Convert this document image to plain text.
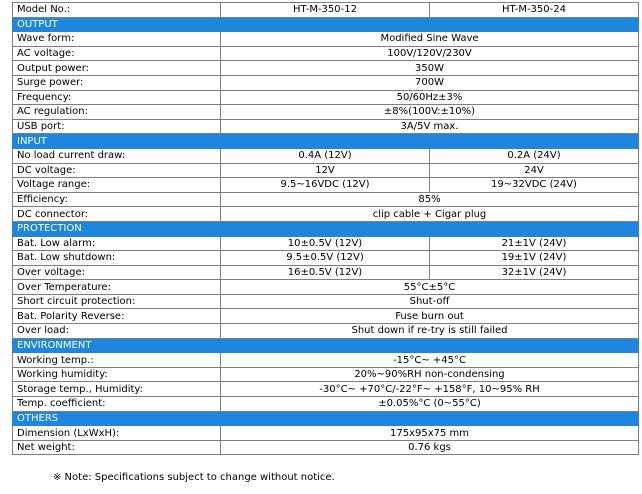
Model No.:	HT-M-350-12	HT-M-350-24
OUTPUT		
Wave form:	Modified Sine Wave	
AC voltage:	100V/120V/230V	
Output power:	350W	
Surge power:	700W	
Frequency:	50/60Hz±3%	
AC regulation:	±8%(100V:±10%)	
USB port:	3A/5V max.	
INPUT		
No load current draw:	0.4A (12V)	0.2A (24V)
DC voltage:	12V	24V
Voltage range:	9.5~16VDC (12V)	19~32VDC (24V)
Efficiency:	85%	
DC connector:	clip cable + Cigar plug	
PROTECTION		
Bat. Low alarm:	10±0.5V (12V)	21±1V (24V)
Bat. Low shutdown:	9.5±0.5V (12V)	19±1V (24V)
Over voltage:	16±0.5V (12V)	32±1V (24V)
Over Temperature:	55°C±5°C	
Short circuit protection:	Shut-off	
Bat. Polarity Reverse:	Fuse burn out	
Over load:	Shut down if re-try is still failed	
ENVIRONMENT		
Working temp.:	-15°C~ +45°C	
Working humidity:	20%~90%RH non-condensing	
Storage temp., Humidity:	-30°C~ +70°C/-22°F~ +158°F, 10~95% RH	
Temp. coefficient:	±0.05%°C (0~55°C)	
OTHERS		
Dimension (LxWxH):	175x95x75 mm	
Net weight:	0.76 kgs	
※ Note: Specifications subject to change without notice.
